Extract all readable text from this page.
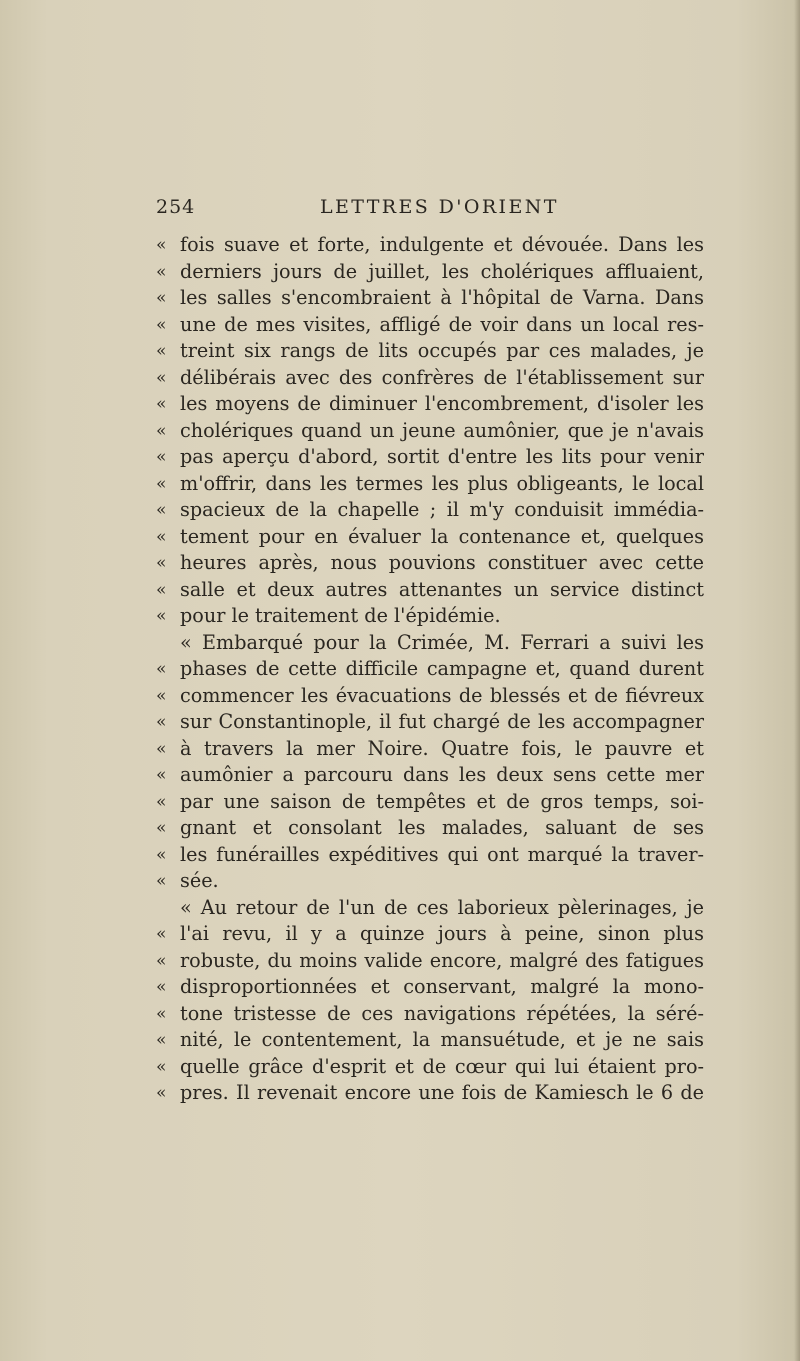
254	LETTRES D'ORIENT
« fois suave et forte, indulgente et dévouée. Dans les
« derniers jours de juillet, les cholériques affluaient,
« les salles s'encombraient à l'hôpital de Varna. Dans
« une de mes visites, affligé de voir dans un local res-
« treint six rangs de lits occupés par ces malades, je
« délibérais avec des confrères de l'établissement sur
« les moyens de diminuer l'encombrement, d'isoler les
« cholériques quand un jeune aumônier, que je n'avais
« pas aperçu d'abord, sortit d'entre les lits pour venir
« m'offrir, dans les termes les plus obligeants, le local
« spacieux de la chapelle ; il m'y conduisit immédia-
« tement pour en évaluer la contenance et, quelques
« heures après, nous pouvions constituer avec cette
« salle et deux autres attenantes un service distinct
« pour le traitement de l'épidémie.
« Embarqué pour la Crimée, M. Ferrari a suivi les
« phases de cette difficile campagne et, quand durent
« commencer les évacuations de blessés et de fiévreux
« sur Constantinople, il fut chargé de les accompagner
« à travers la mer Noire. Quatre fois, le pauvre et
« aumônier a parcouru dans les deux sens cette mer
« par une saison de tempêtes et de gros temps, soi-
« gnant et consolant les malades, saluant de ses
« les funérailles expéditives qui ont marqué la traver-
« sée.
« Au retour de l'un de ces laborieux pèlerinages, je
« l'ai revu, il y a quinze jours à peine, sinon plus
« robuste, du moins valide encore, malgré des fatigues
« disproportionnées et conservant, malgré la mono-
« tone tristesse de ces navigations répétées, la séré-
« nité, le contentement, la mansuétude, et je ne sais
« quelle grâce d'esprit et de cœur qui lui étaient pro-
« pres. Il revenait encore une fois de Kamiesch le 6 de
